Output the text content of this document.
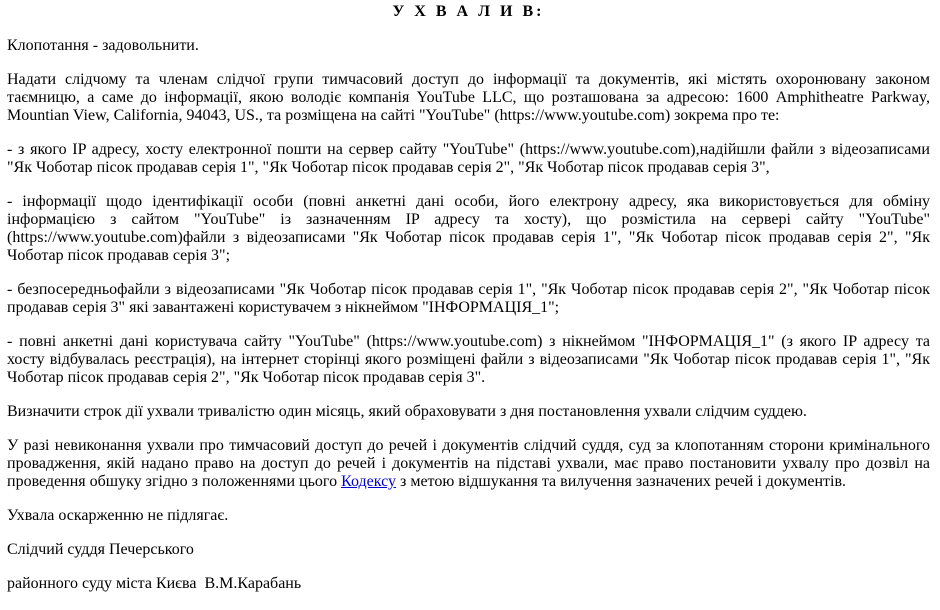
У Х В А Л И В:

Клопотання - задовольнити.

Надати слідчому та членам слідчої групи тимчасовий доступ до інформації та документів, які містять охоронювану законом таємницю, а саме до інформації, якою володіє компанія YouTube LLC, що розташована за адресою: 1600 Amphitheatre Parkway, Mountian View, California, 94043, US., та розміщена на сайті "YouTube" (https://www.youtube.com) зокрема про те:

- з якого IP адресу, хосту електронної пошти на сервер сайту "YouTube" (https://www.youtube.com),надійшли файли з відеозаписами "Як Чоботар пісок продавав серія 1", "Як Чоботар пісок продавав серія 2", "Як Чоботар пісок продавав серія 3",

- інформації щодо ідентифікації особи (повні анкетні дані особи, його електрону адресу, яка використовується для обміну інформацією з сайтом "YouTube" із зазначенням IP адресу та хосту), що розмістила на сервері сайту "YouTube" (https://www.youtube.com)файли з відеозаписами "Як Чоботар пісок продавав серія 1", "Як Чоботар пісок продавав серія 2", "Як Чоботар пісок продавав серія 3";

- безпосередньофайли з відеозаписами "Як Чоботар пісок продавав серія 1", "Як Чоботар пісок продавав серія 2", "Як Чоботар пісок продавав серія 3" які завантажені користувачем з нікнеймом "ІНФОРМАЦІЯ_1";

- повні анкетні дані користувача сайту "YouTube" (https://www.youtube.com) з нікнеймом "ІНФОРМАЦІЯ_1" (з якого IP адресу та хосту відбувалась реєстрація), на інтернет сторінці якого розміщені файли з відеозаписами "Як Чоботар пісок продавав серія 1", "Як Чоботар пісок продавав серія 2", "Як Чоботар пісок продавав серія 3".

Визначити строк дії ухвали тривалістю один місяць, який обраховувати з дня постановлення ухвали слідчим суддею.

У разі невиконання ухвали про тимчасовий доступ до речей і документів слідчий суддя, суд за клопотанням сторони кримінального провадження, якій надано право на доступ до речей і документів на підставі ухвали, має право постановити ухвалу про дозвіл на проведення обшуку згідно з положеннями цього Кодексу з метою відшукання та вилучення зазначених речей і документів.

Ухвала оскарженню не підлягає.

Слідчий суддя Печерського

районного суду міста Києва  В.М.Карабань
